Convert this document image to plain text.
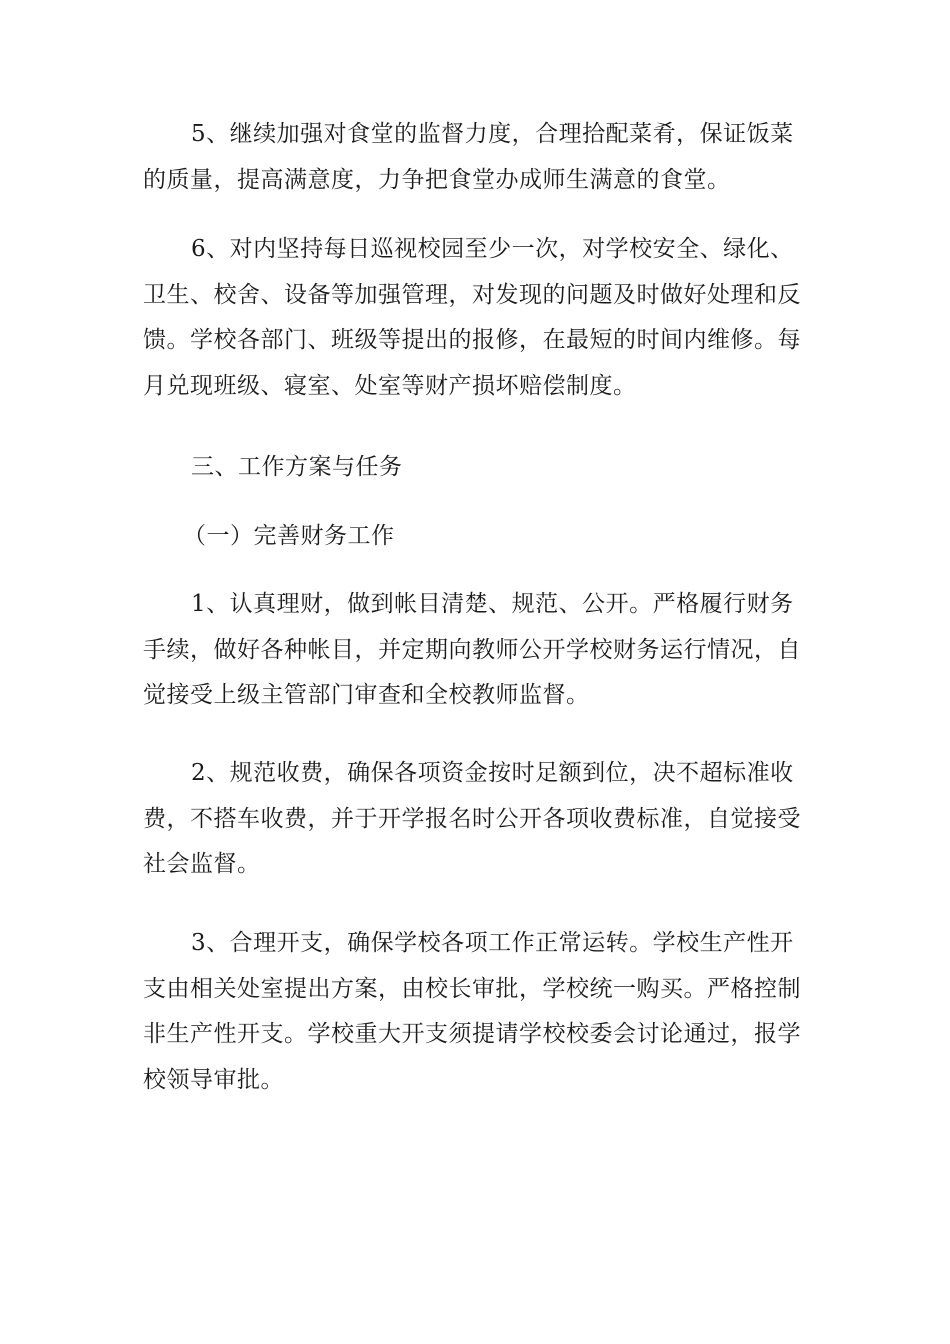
5、继续加强对食堂的监督力度，合理拾配菜肴，保证饭菜
的质量，提高满意度，力争把食堂办成师生满意的食堂。
6、对内坚持每日巡视校园至少一次，对学校安全、绿化、
卫生、校舍、设备等加强管理，对发现的问题及时做好处理和反
馈。学校各部门、班级等提出的报修，在最短的时间内维修。每
月兑现班级、寝室、处室等财产损坏赔偿制度。
三、工作方案与任务
（一）完善财务工作
1、认真理财，做到帐目清楚、规范、公开。严格履行财务
手续，做好各种帐目，并定期向教师公开学校财务运行情况，自
觉接受上级主管部门审查和全校教师监督。
2、规范收费，确保各项资金按时足额到位，决不超标准收
费，不搭车收费，并于开学报名时公开各项收费标准，自觉接受
社会监督。
3、合理开支，确保学校各项工作正常运转。学校生产性开
支由相关处室提出方案，由校长审批，学校统一购买。严格控制
非生产性开支。学校重大开支须提请学校校委会讨论通过，报学
校领导审批。
